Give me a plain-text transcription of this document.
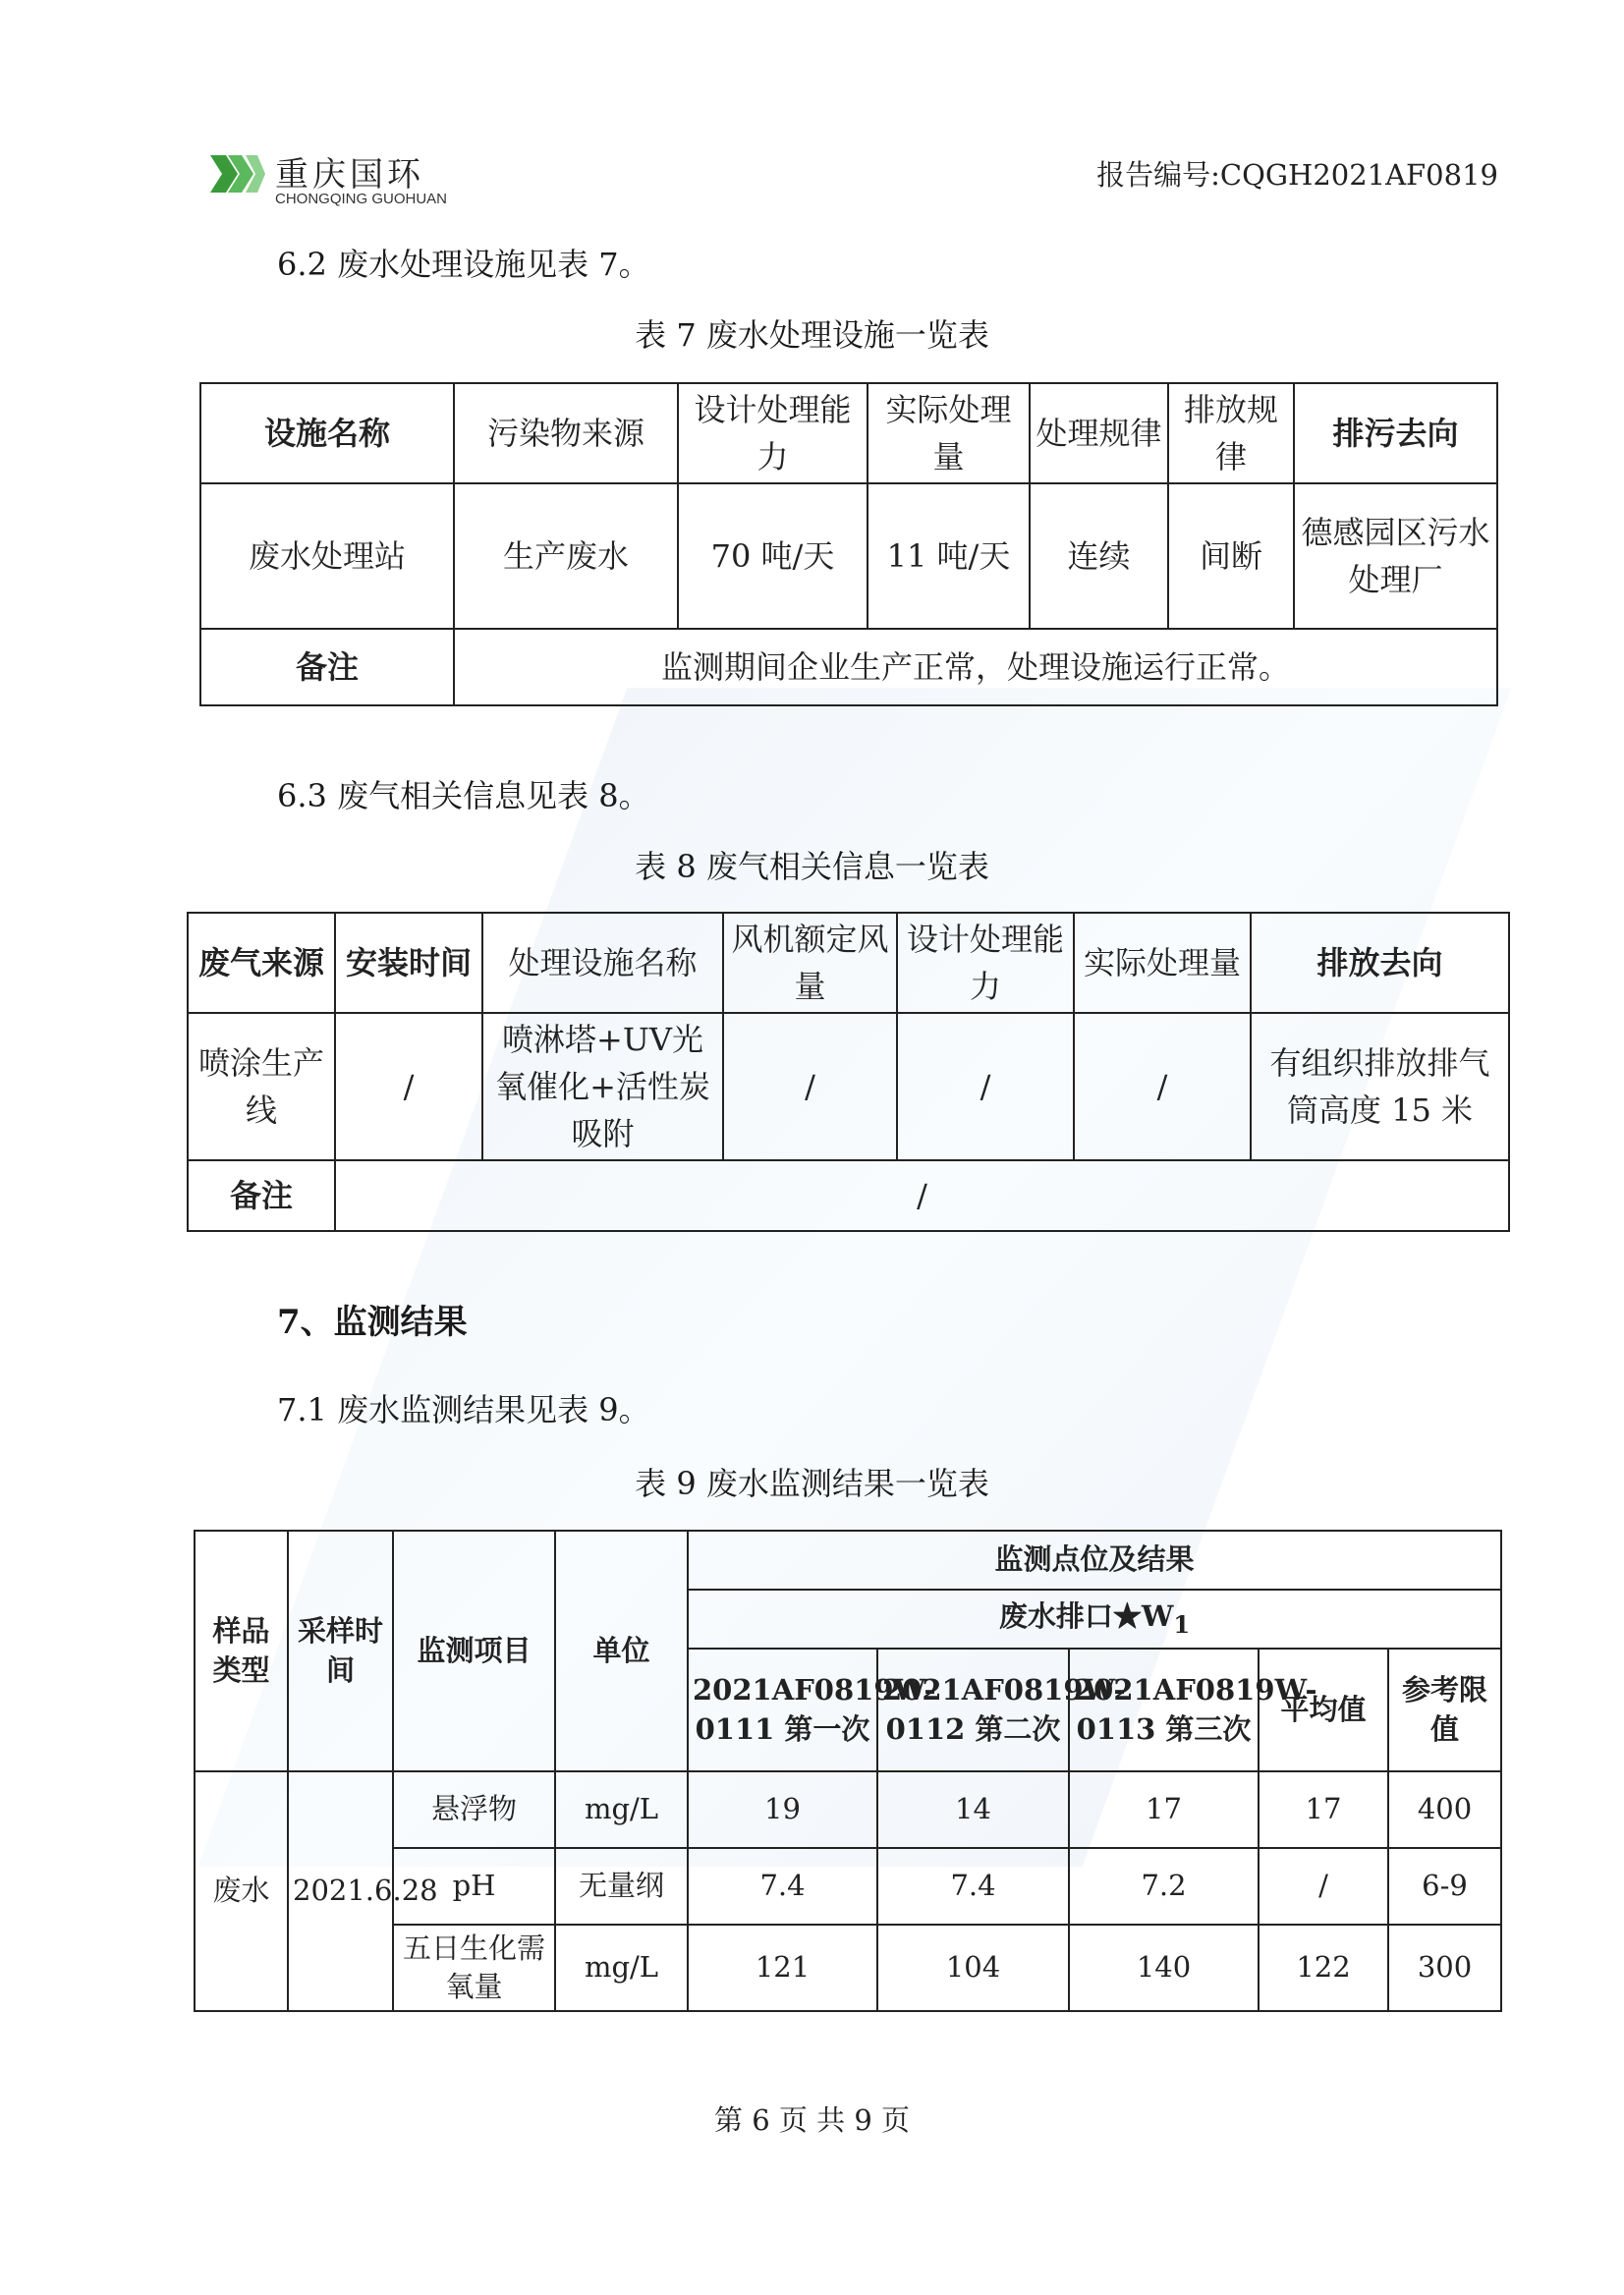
重庆国环
CHONGQING GUOHUAN
报告编号:CQGH2021AF0819
6.2 废水处理设施见表 7。
表 7 废水处理设施一览表
设施名称	污染物来源	设计处理能力	实际处理量	处理规律	排放规律	排污去向
废水处理站	生产废水	70 吨/天	11 吨/天	连续	间断	德感园区污水处理厂
备注	监测期间企业生产正常，处理设施运行正常。					
6.3 废气相关信息见表 8。
表 8 废气相关信息一览表
废气来源	安装时间	处理设施名称	风机额定风量	设计处理能力	实际处理量	排放去向
喷涂生产线	/	喷淋塔+UV光氧催化+活性炭吸附	/	/	/	有组织排放排气筒高度 15 米
备注	/					
7、监测结果
7.1 废水监测结果见表 9。
表 9 废水监测结果一览表
样品类型	采样时间	监测项目	单位	监测点位及结果				
				废水排口$★W_1$
				2021AF0819W-0111 第一次	2021AF0819W-0112 第二次	2021AF0819W-0113 第三次	平均值	参考限值
废水	2021.6.28	悬浮物	mg/L	19	14	17	17	400
		pH	无量纲	7.4	7.4	7.2	/	6-9
		五日生化需氧量	mg/L	121	104	140	122	300
第 6 页 共 9 页
